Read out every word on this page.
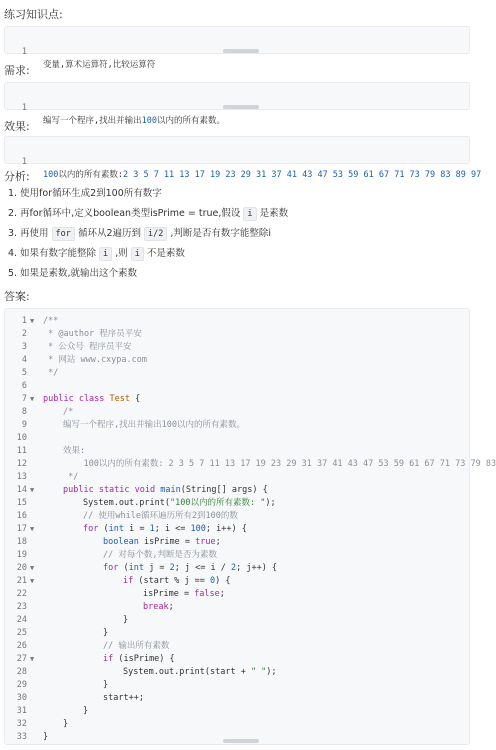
练习知识点:

1

变量,算术运算符,比较运算符

需求:

1

编写一个程序,找出并输出100以内的所有素数。

效果:

1

100以内的所有素数:2 3 5 7 11 13 17 19 23 29 31 37 41 43 47 53 59 61 67 71 73 79 83 89 97

分析:
1. 使用for循环生成2到100所有数字
2. 再for循环中,定义boolean类型isPrime = true,假设 i 是素数
3. 再使用 for 循环从2遍历到 i/2 ,判断是否有数字能整除i
4. 如果有数字能整除 i ,则 i 不是素数
5. 如果是素数,就输出这个素数
答案:
1 ▼ /**
2 * @author 程序员平安
3 * 公众号 程序员平安
4 * 网站 www.cxypa.com
5 */
6
7 ▼ public class Test {
8	/*
9	编写一个程序,找出并输出100以内的所有素数。
10
11	效果:
12	100以内的所有素数: 2 3 5 7 11 13 17 19 23 29 31 37 41 43 47 53 59 61 67 71 73 79 83
13	*/
14 ▼	public static void main(String[] args) {
15	System.out.print("100以内的所有素数: ");
16	// 使用while循环遍历所有2到100的数
17 ▼	for (int i = 1; i <= 100; i++) {
18	boolean isPrime = true;
19	// 对每个数,判断是否为素数
20 ▼	for (int j = 2; j <= i / 2; j++) {
21 ▼	if (start % j == 0) {
22	isPrime = false;
23	break;
24	}
25	}
26	// 输出所有素数
27 ▼	if (isPrime) {
28	System.out.print(start + " ");
29	}
30	start++;
31	}
32	}
33 }
